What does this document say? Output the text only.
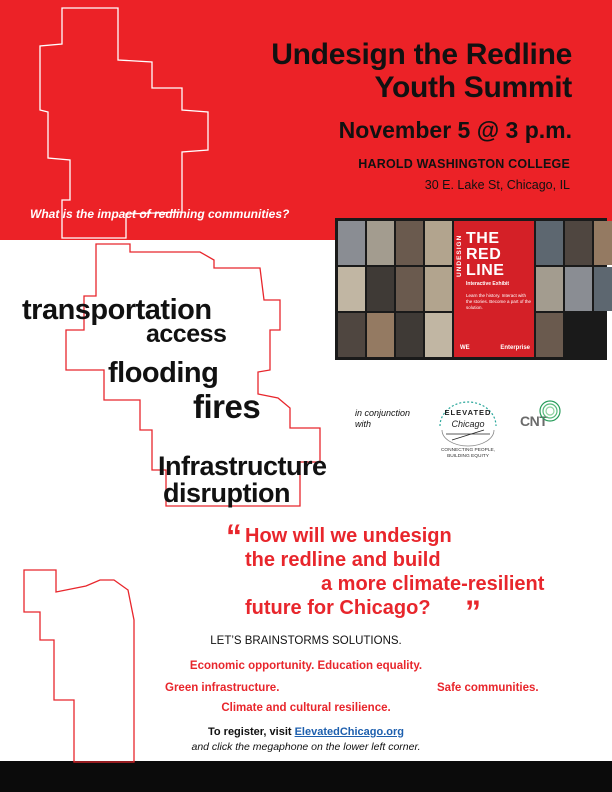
Undesign the Redline
Youth Summit
November 5 @ 3 p.m.
HAROLD WASHINGTON COLLEGE
30 E. Lake St, Chicago, IL
What is the impact of redlining communities?
UNDESIGN THE
RED
LINE
Interactive Exhibit
Learn the history. Interact with the stories. Become a part of the solution.
WE	Enterprise
transportation
access
flooding
fires
Infrastructure
disruption
in conjunction
with
ELEVATED
Chicago
CONNECTING PEOPLE, BUILDING EQUITY
CNT
“ How will we undesign
the redline and build
a more climate-resilient
future for Chicago? ”
LET’S BRAINSTORMS SOLUTIONS.
Economic opportunity. Education equality.
Green infrastructure.	Safe communities.
Climate and cultural resilience.
To register, visit ElevatedChicago.org
and click the megaphone on the lower left corner.
